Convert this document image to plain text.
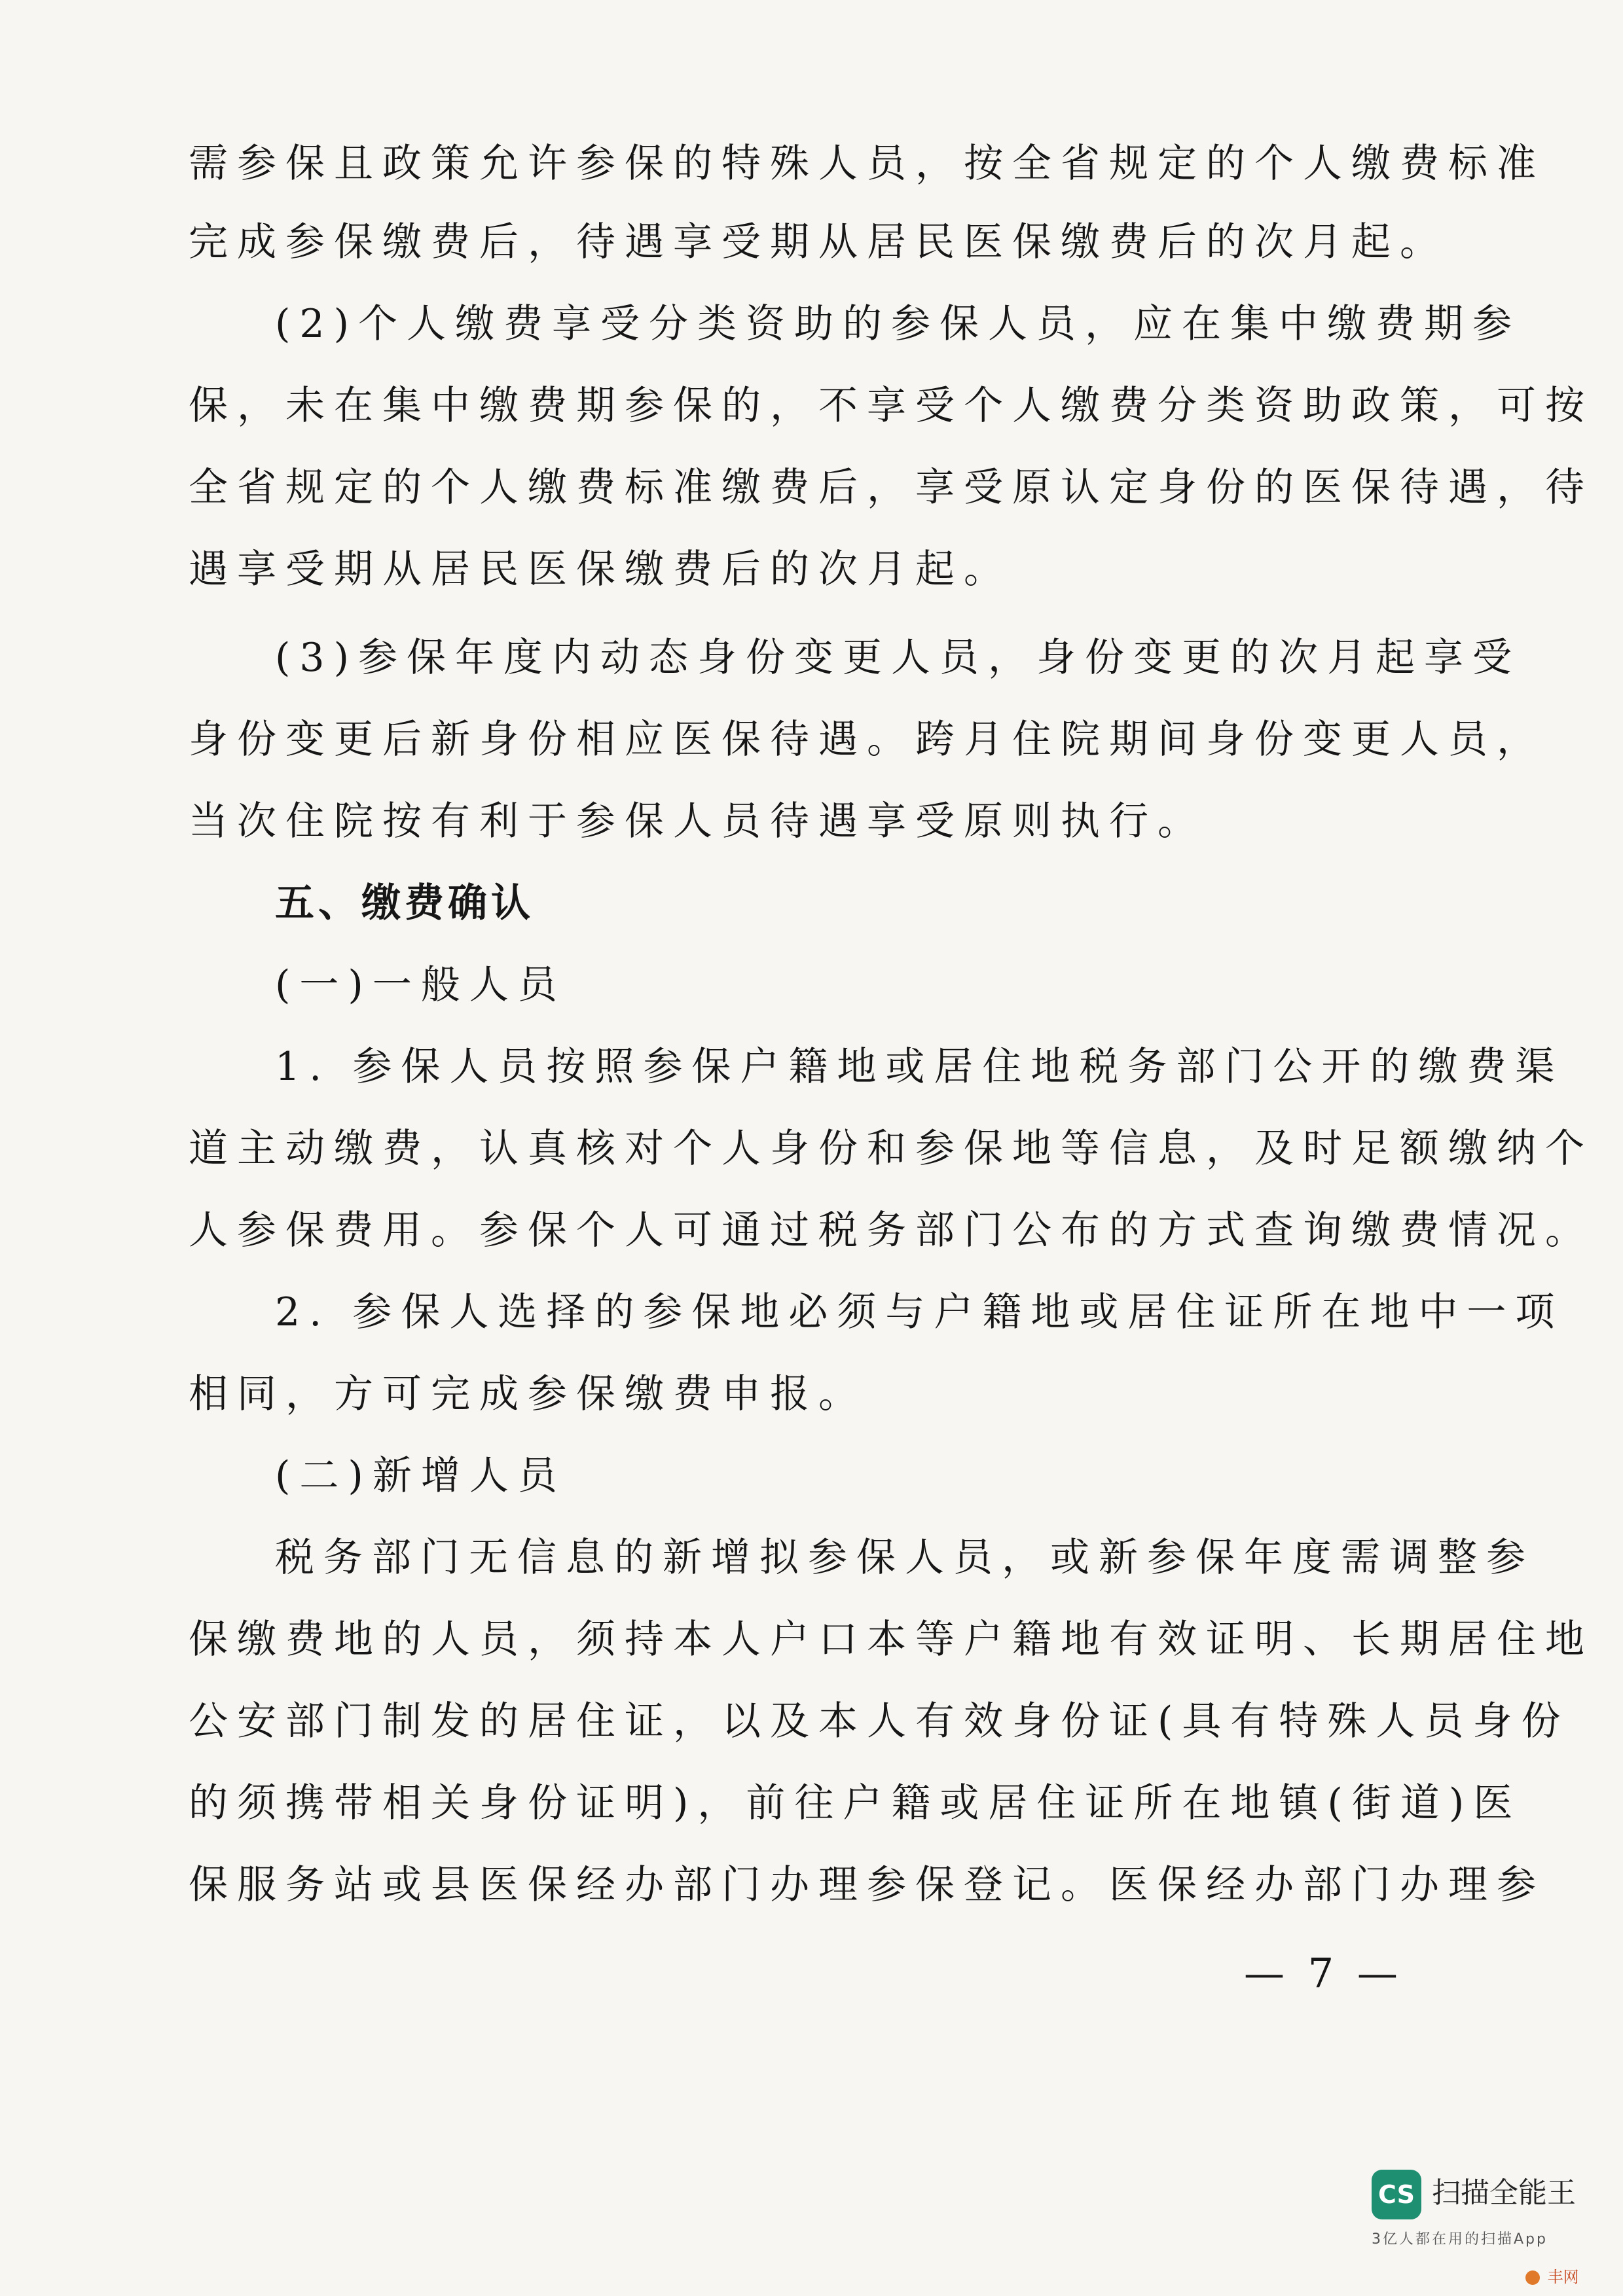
需参保且政策允许参保的特殊人员，按全省规定的个人缴费标准
完成参保缴费后，待遇享受期从居民医保缴费后的次月起。
(2)个人缴费享受分类资助的参保人员，应在集中缴费期参
保，未在集中缴费期参保的，不享受个人缴费分类资助政策，可按
全省规定的个人缴费标准缴费后，享受原认定身份的医保待遇，待
遇享受期从居民医保缴费后的次月起。
(3)参保年度内动态身份变更人员，身份变更的次月起享受
身份变更后新身份相应医保待遇。跨月住院期间身份变更人员，
当次住院按有利于参保人员待遇享受原则执行。
五、缴费确认
(一)一般人员
1. 参保人员按照参保户籍地或居住地税务部门公开的缴费渠
道主动缴费，认真核对个人身份和参保地等信息，及时足额缴纳个
人参保费用。参保个人可通过税务部门公布的方式查询缴费情况。
2. 参保人选择的参保地必须与户籍地或居住证所在地中一项
相同，方可完成参保缴费申报。
(二)新增人员
税务部门无信息的新增拟参保人员，或新参保年度需调整参
保缴费地的人员，须持本人户口本等户籍地有效证明、长期居住地
公安部门制发的居住证，以及本人有效身份证(具有特殊人员身份
的须携带相关身份证明)，前往户籍或居住证所在地镇(街道)医
保服务站或县医保经办部门办理参保登记。医保经办部门办理参
— 7 —
CS 扫描全能王
3亿人都在用的扫描App
丰网
